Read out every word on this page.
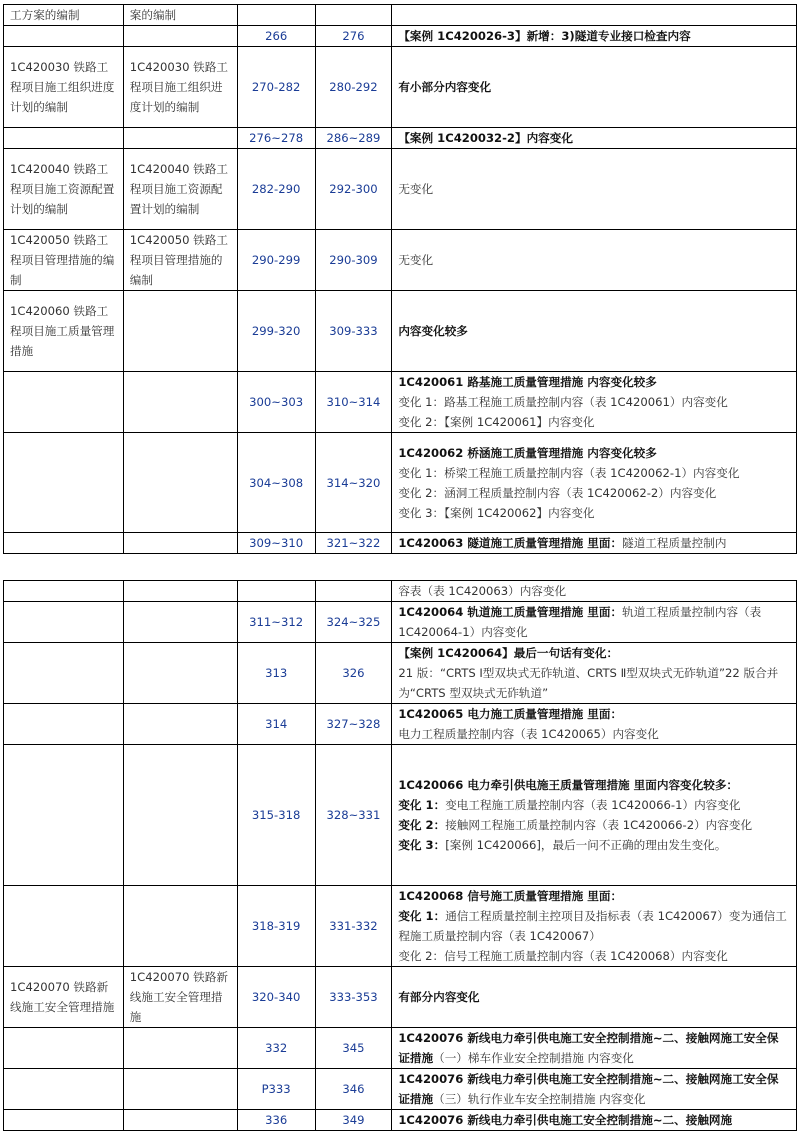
工方案的编制	案的编制			
		266	276	【案例 1C420026-3】新增：3)隧道专业接口检查内容
1C420030 铁路工程项目施工组织进度计划的编制	1C420030 铁路工程项目施工组织进度计划的编制	270-282	280-292	有小部分内容变化
		276~278	286~289	【案例 1C420032-2】内容变化
1C420040 铁路工程项目施工资源配置计划的编制	1C420040 铁路工程项目施工资源配置计划的编制	282-290	292-300	无变化
1C420050 铁路工程项目管理措施的编制	1C420050 铁路工程项目管理措施的编制	290-299	290-309	无变化
1C420060 铁路工程项目施工质量管理措施		299-320	309-333	内容变化较多
		300~303	310~314	1C420061 路基施工质量管理措施 内容变化较多
变化 1：路基工程施工质量控制内容（表 1C420061）内容变化
变化 2：【案例 1C420061】内容变化

		304~308	314~320	1C420062 桥涵施工质量管理措施 内容变化较多
变化 1：桥梁工程施工质量控制内容（表 1C420062-1）内容变化
变化 2：涵洞工程质量控制内容（表 1C420062-2）内容变化
变化 3：【案例 1C420062】内容变化

		309~310	321~322	1C420063 隧道施工质量管理措施 里面：隧道工程质量控制内
				容表（表 1C420063）内容变化
		311~312	324~325	1C420064 轨道施工质量管理措施 里面：轨道工程质量控制内容（表 1C420064-1）内容变化

		313	326	【案例 1C420064】最后一句话有变化：
21 版：“CRTS Ⅰ型双块式无砟轨道、CRTS Ⅱ型双块式无砟轨道”22 版合并为“CRTS 型双块式无砟轨道”

		314	327~328	1C420065 电力施工质量管理措施 里面：
电力工程质量控制内容（表 1C420065）内容变化

		315-318	328~331	1C420066 电力牵引供电施王质量管理措施 里面内容变化较多：
变化 1：变电工程施工质量控制内容（表 1C420066-1）内容变化
变化 2：接触网工程施工质量控制内容（表 1C420066-2）内容变化
变化 3：[案例 1C420066]，最后一问不正确的理由发生变化。

		318-319	331-332	1C420068 信号施工质量管理措施 里面：
变化 1：通信工程质量控制主控项目及指标表（表 1C420067）变为通信工程施工质量控制内容（表 1C420067）
变化 2：信号工程施工质量控制内容（表 1C420068）内容变化

1C420070 铁路新线施工安全管理措施	1C420070 铁路新线施工安全管理措施	320-340	333-353	有部分内容变化
		332	345	1C420076 新线电力牵引供电施工安全控制措施~二、接触网施工安全保证措施（一）梯车作业安全控制措施 内容变化

		P333	346	1C420076 新线电力牵引供电施工安全控制措施~二、接触网施工安全保证措施（三）轨行作业车安全控制措施 内容变化

		336	349	1C420076 新线电力牵引供电施工安全控制措施~二、接触网施
